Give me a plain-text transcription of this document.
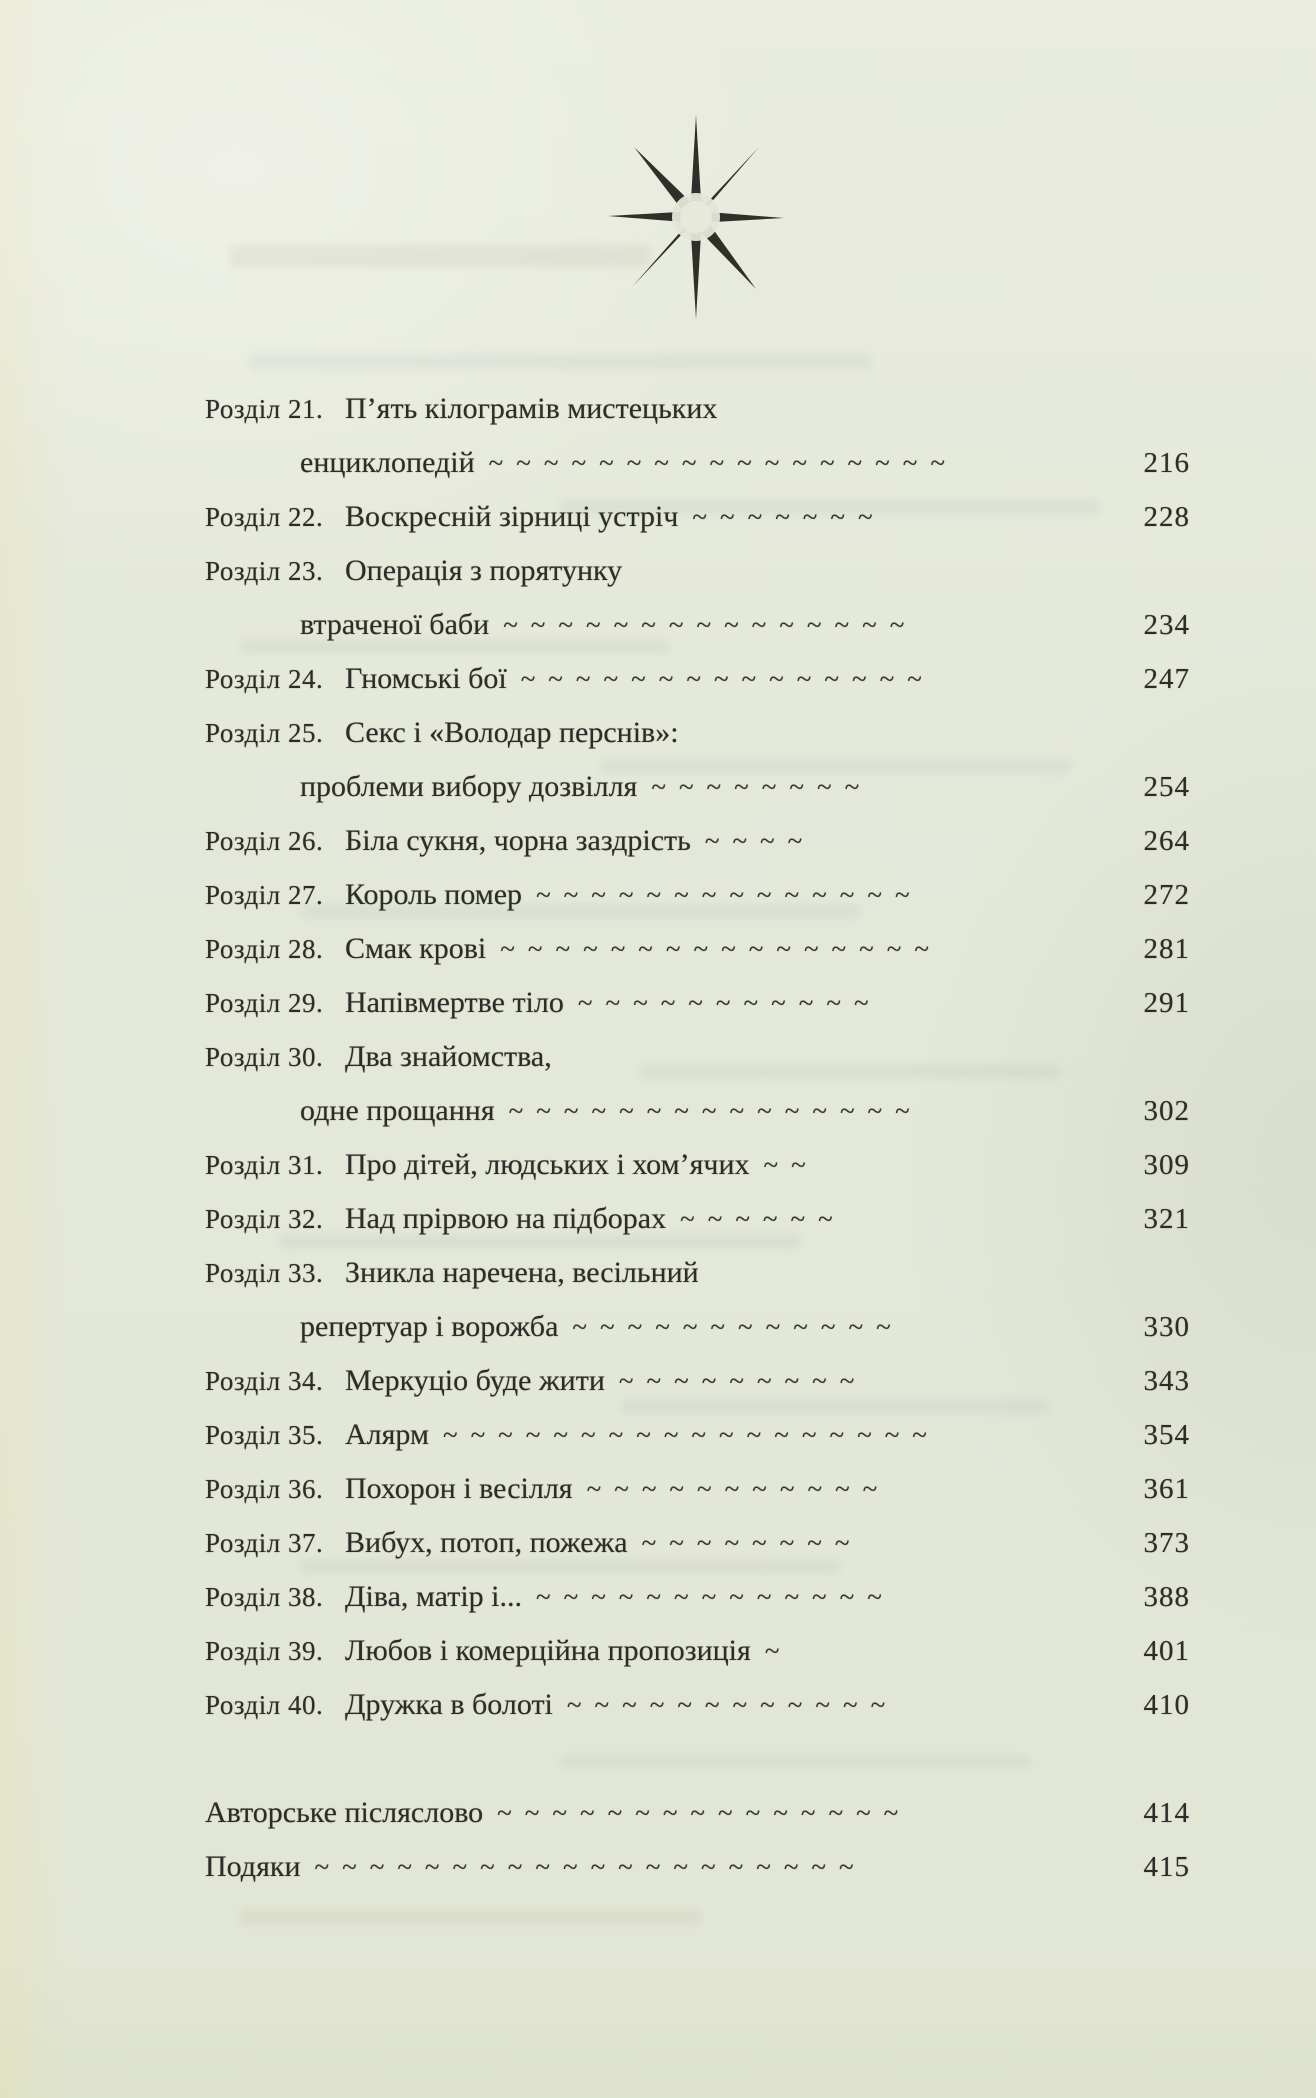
Розділ 21. П’ять кілограмів мистецьких
енциклопедій ~~~~~~~~~~~~~~~~~	216
Розділ 22. Воскресній зірниці устріч ~~~~~~~	228
Розділ 23. Операція з порятунку
втраченої баби ~~~~~~~~~~~~~~~	234
Розділ 24. Гномські бої ~~~~~~~~~~~~~~~	247
Розділ 25. Секс і «Володар перснів»:
проблеми вибору дозвілля ~~~~~~~~	254
Розділ 26. Біла сукня, чорна заздрість ~~~~	264
Розділ 27. Король помер ~~~~~~~~~~~~~~	272
Розділ 28. Смак крові ~~~~~~~~~~~~~~~~	281
Розділ 29. Напівмертве тіло ~~~~~~~~~~~	291
Розділ 30. Два знайомства,
одне прощання ~~~~~~~~~~~~~~~	302
Розділ 31. Про дітей, людських і хом’ячих ~~	309
Розділ 32. Над прірвою на підборах ~~~~~~	321
Розділ 33. Зникла наречена, весільний
репертуар і ворожба ~~~~~~~~~~~~	330
Розділ 34. Меркуціо буде жити ~~~~~~~~~	343
Розділ 35. Алярм ~~~~~~~~~~~~~~~~~~	354
Розділ 36. Похорон і весілля ~~~~~~~~~~~	361
Розділ 37. Вибух, потоп, пожежа ~~~~~~~~	373
Розділ 38. Діва, матір і... ~~~~~~~~~~~~~	388
Розділ 39. Любов і комерційна пропозиція ~	401
Розділ 40. Дружка в болоті ~~~~~~~~~~~~	410
Авторське післяслово ~~~~~~~~~~~~~~~	414
Подяки ~~~~~~~~~~~~~~~~~~~~	415
